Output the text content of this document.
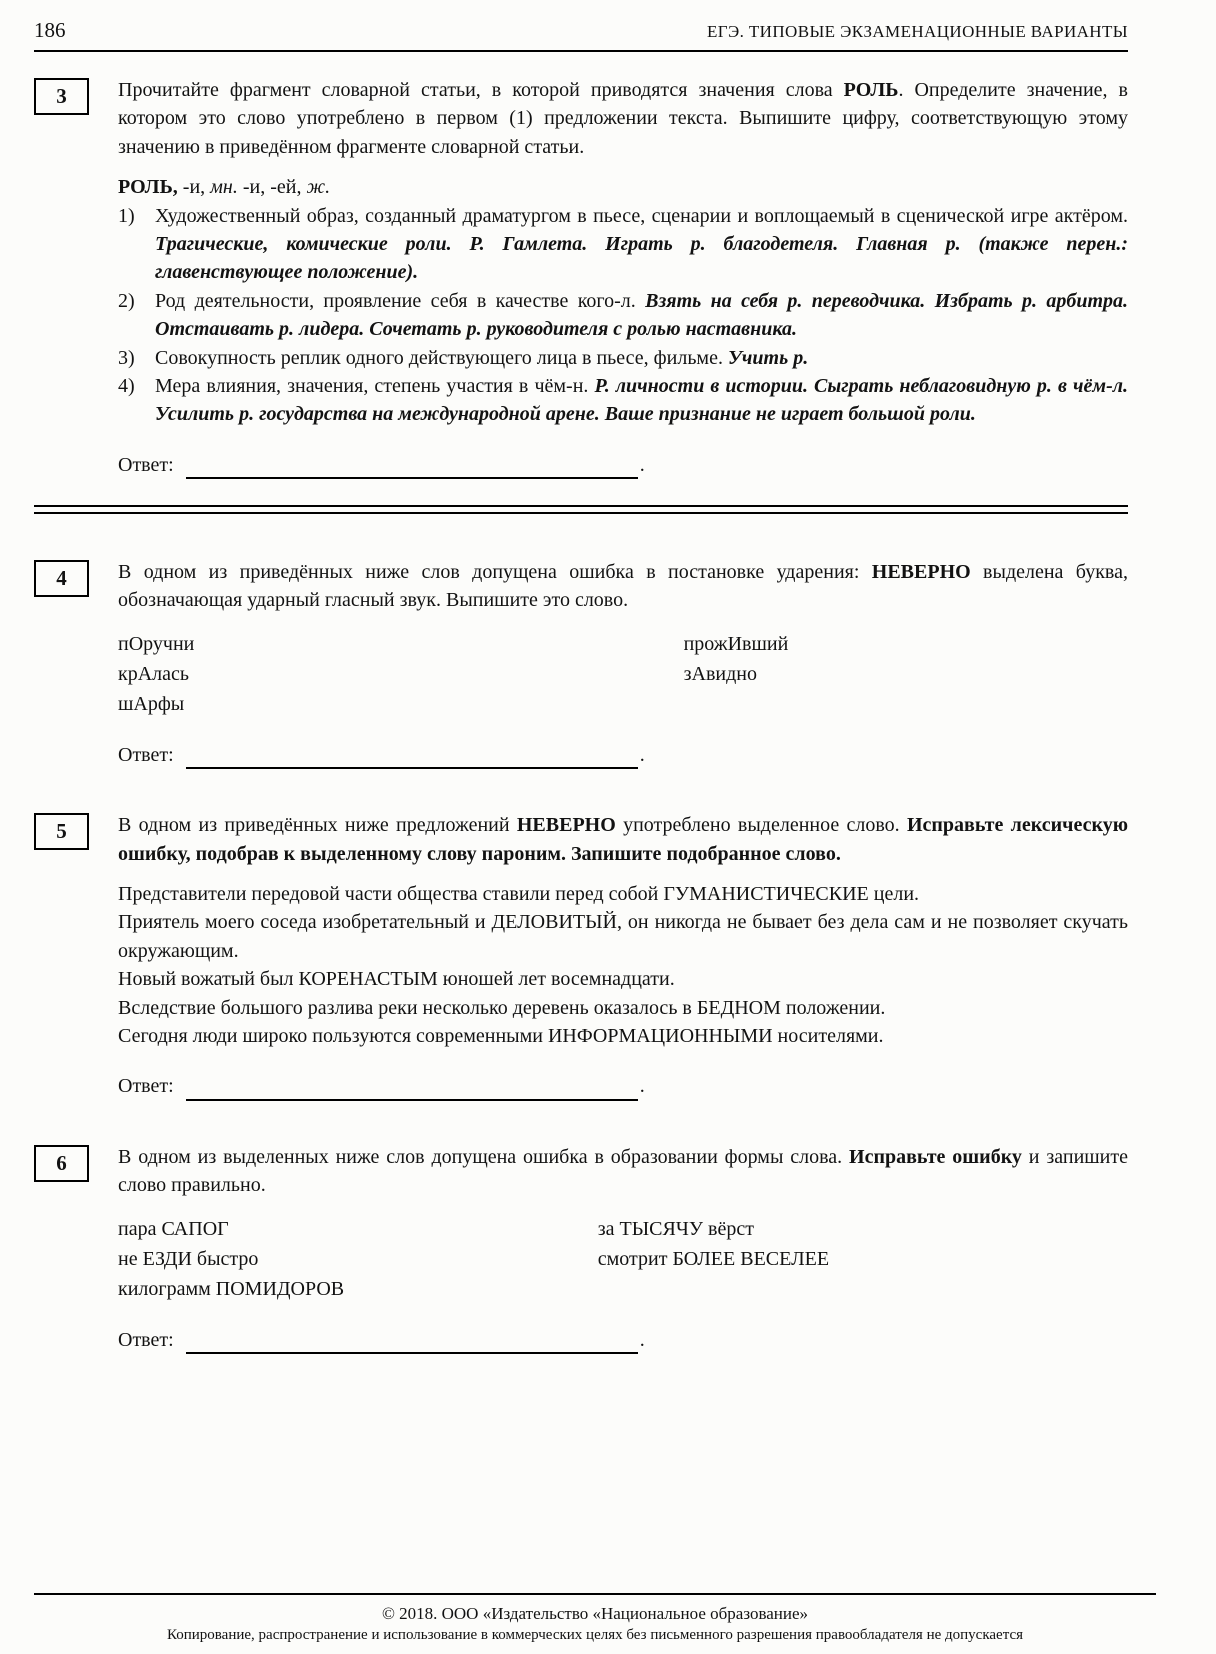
186	ЕГЭ. ТИПОВЫЕ ЭКЗАМЕНАЦИОННЫЕ ВАРИАНТЫ
3	Прочитайте фрагмент словарной статьи, в которой приводятся значения слова РОЛЬ. Определите значение, в котором это слово употреблено в первом (1) предложении текста. Выпишите цифру, соответствующую этому значению в приведённом фрагменте словарной статьи.

РОЛЬ, -и, мн. -и, -ей, ж.

1)	Художественный образ, созданный драматургом в пьесе, сценарии и воплощаемый в сценической игре актёром. Трагические, комические роли. Р. Гамлета. Играть р. благодетеля. Главная р. (также перен.: главенствующее положение).
2)	Род деятельности, проявление себя в качестве кого-л. Взять на себя р. переводчика. Избрать р. арбитра. Отстаивать р. лидера. Сочетать р. руководителя с ролью наставника.
3)	Совокупность реплик одного действующего лица в пьесе, фильме. Учить р.
4)	Мера влияния, значения, степень участия в чём-н. Р. личности в истории. Сыграть неблаговидную р. в чём-л. Усилить р. государства на международной арене. Ваше признание не играет большой роли.
Ответ:	.
4	В одном из приведённых ниже слов допущена ошибка в постановке ударения: НЕВЕРНО выделена буква, обозначающая ударный гласный звук. Выпишите это слово.

пОручни
крАлась
шАрфы
прожИвший
зАвидно
Ответ:	.
5	В одном из приведённых ниже предложений НЕВЕРНО употреблено выделенное слово. Исправьте лексическую ошибку, подобрав к выделенному слову пароним. Запишите подобранное слово.

Представители передовой части общества ставили перед собой ГУМАНИСТИЧЕСКИЕ цели.

Приятель моего соседа изобретательный и ДЕЛОВИТЫЙ, он никогда не бывает без дела сам и не позволяет скучать окружающим.

Новый вожатый был КОРЕНАСТЫМ юношей лет восемнадцати.

Вследствие большого разлива реки несколько деревень оказалось в БЕДНОМ положении.

Сегодня люди широко пользуются современными ИНФОРМАЦИОННЫМИ носителями.

Ответ:	.
6	В одном из выделенных ниже слов допущена ошибка в образовании формы слова. Исправьте ошибку и запишите слово правильно.

пара САПОГ
не ЕЗДИ быстро
килограмм ПОМИДОРОВ
за ТЫСЯЧУ вёрст
смотрит БОЛЕЕ ВЕСЕЛЕЕ
Ответ:	.
© 2018. ООО «Издательство «Национальное образование»
Копирование, распространение и использование в коммерческих целях без письменного разрешения правообладателя не допускается
